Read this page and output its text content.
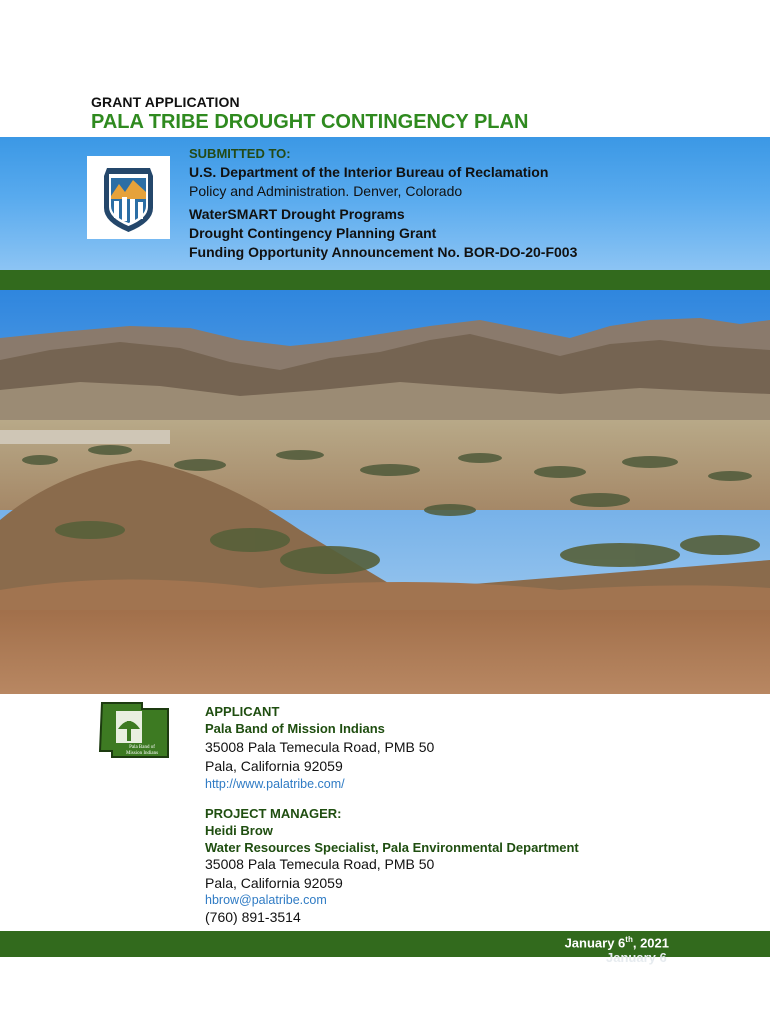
GRANT APPLICATION
PALA TRIBE DROUGHT CONTINGENCY PLAN
SUBMITTED TO:
U.S. Department of the Interior Bureau of Reclamation
Policy and Administration. Denver, Colorado
WaterSMART Drought Programs
Drought Contingency Planning Grant
Funding Opportunity Announcement No. BOR-DO-20-F003
Pala Band of
Mission Indians
APPLICANT
Pala Band of Mission Indians
35008 Pala Temecula Road, PMB 50
Pala, California 92059
http://www.palatribe.com/
PROJECT MANAGER:
Heidi Brow
Water Resources Specialist, Pala Environmental Department
35008 Pala Temecula Road, PMB 50
Pala, California 92059
hbrow@palatribe.com
(760) 891-3514
January 6th, 2021
January 6
